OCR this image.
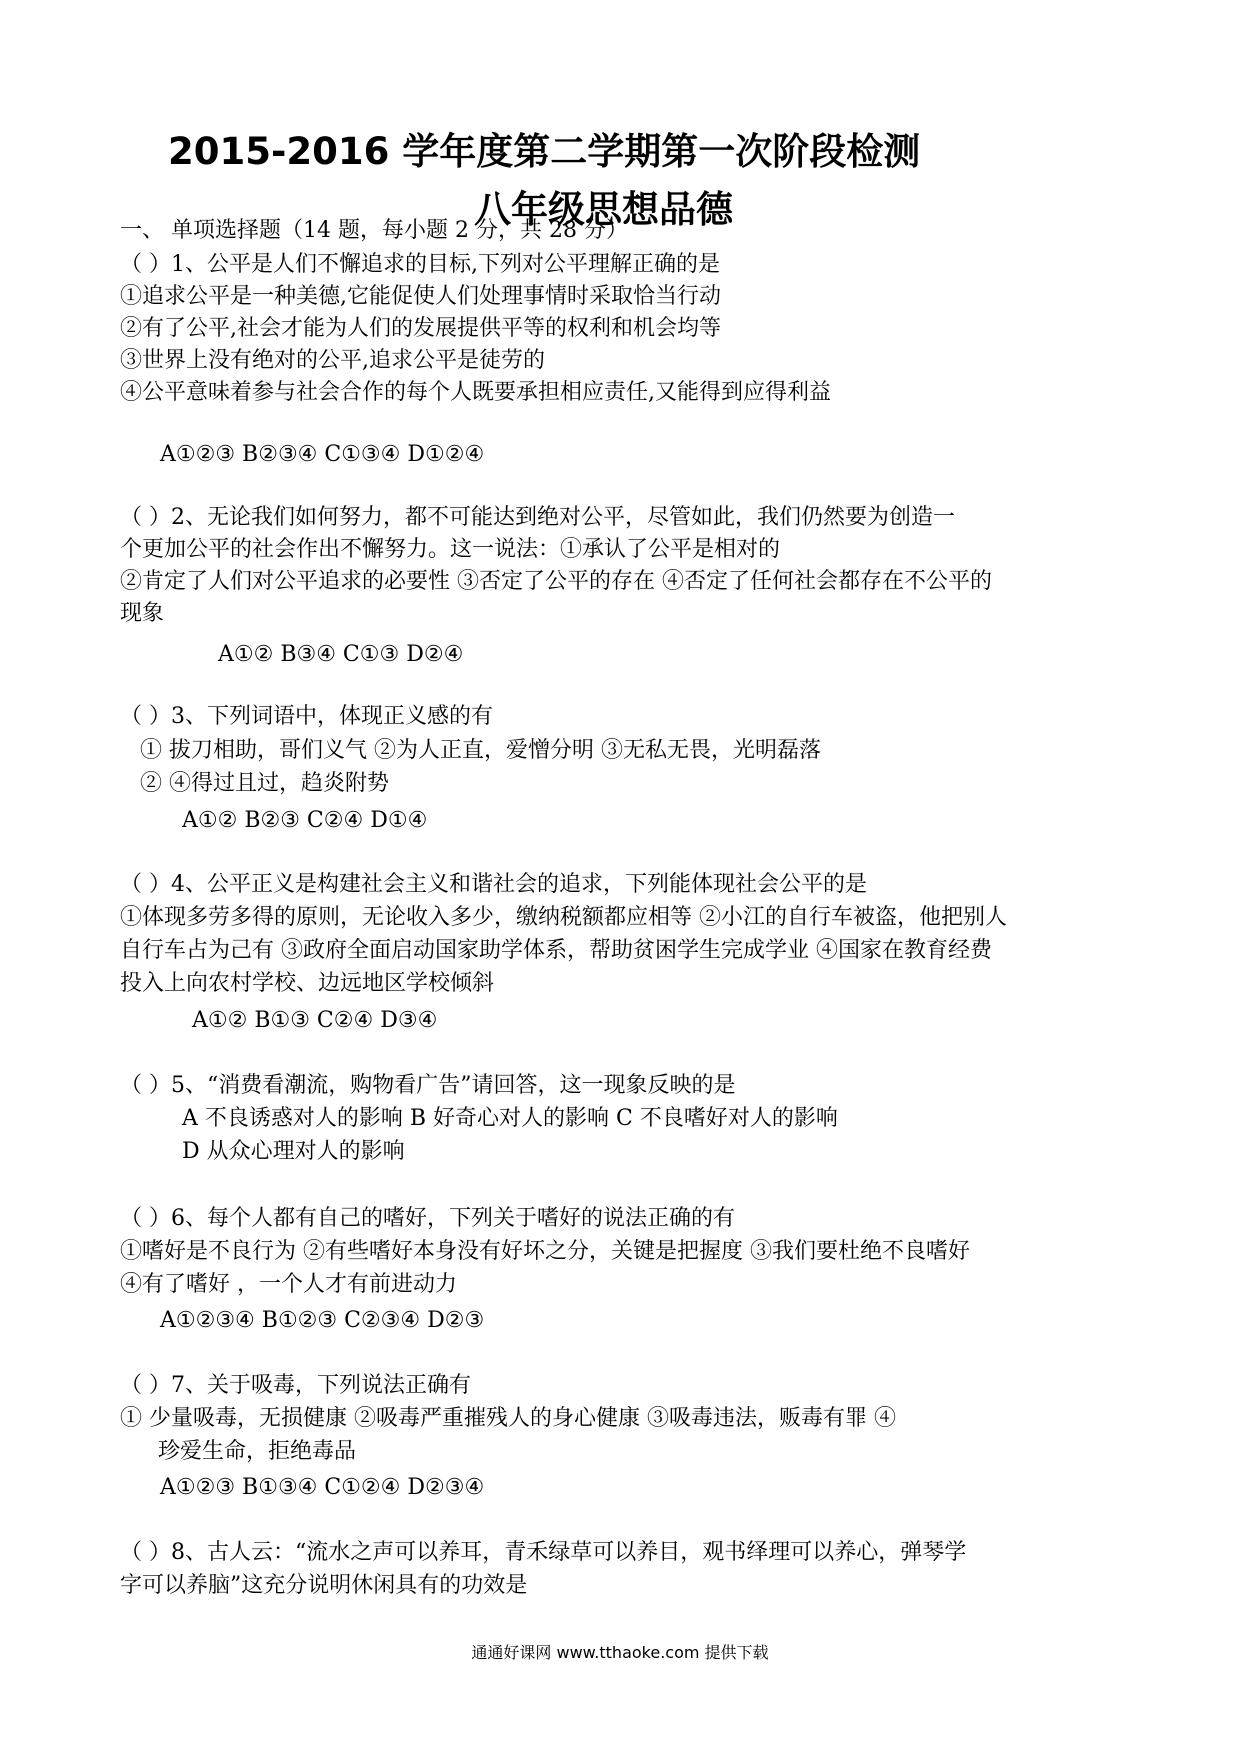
2015-2016 学年度第二学期第一次阶段检测
八年级思想品德
一、 单项选择题（14 题，每小题 2 分，共 28 分）
（ ）1、公平是人们不懈追求的目标,下列对公平理解正确的是
①追求公平是一种美德,它能促使人们处理事情时采取恰当行动
②有了公平,社会才能为人们的发展提供平等的权利和机会均等
③世界上没有绝对的公平,追求公平是徒劳的
④公平意味着参与社会合作的每个人既要承担相应责任,又能得到应得利益
A①②③ B②③④ C①③④ D①②④
（ ）2、无论我们如何努力，都不可能达到绝对公平，尽管如此，我们仍然要为创造一
个更加公平的社会作出不懈努力。这一说法：①承认了公平是相对的
②肯定了人们对公平追求的必要性 ③否定了公平的存在 ④否定了任何社会都存在不公平的
现象
A①② B③④ C①③ D②④
（ ）3、下列词语中，体现正义感的有
① 拔刀相助，哥们义气 ②为人正直，爱憎分明 ③无私无畏，光明磊落
② ④得过且过，趋炎附势
A①② B②③ C②④ D①④
（ ）4、公平正义是构建社会主义和谐社会的追求，下列能体现社会公平的是
①体现多劳多得的原则，无论收入多少，缴纳税额都应相等 ②小江的自行车被盗，他把别人
自行车占为己有 ③政府全面启动国家助学体系，帮助贫困学生完成学业 ④国家在教育经费
投入上向农村学校、边远地区学校倾斜
A①② B①③ C②④ D③④
（ ）5、“消费看潮流，购物看广告”请回答，这一现象反映的是
A 不良诱惑对人的影响 B 好奇心对人的影响 C 不良嗜好对人的影响
D 从众心理对人的影响
（ ）6、每个人都有自己的嗜好，下列关于嗜好的说法正确的有
①嗜好是不良行为 ②有些嗜好本身没有好坏之分，关键是把握度 ③我们要杜绝不良嗜好
④有了嗜好 ，一个人才有前进动力
A①②③④ B①②③ C②③④ D②③
（ ）7、关于吸毒，下列说法正确有
① 少量吸毒，无损健康 ②吸毒严重摧残人的身心健康 ③吸毒违法，贩毒有罪 ④
珍爱生命，拒绝毒品
A①②③ B①③④ C①②④ D②③④
（ ）8、古人云：“流水之声可以养耳，青禾绿草可以养目，观书绎理可以养心，弹琴学
字可以养脑”这充分说明休闲具有的功效是
通通好课网 www.tthaoke.com 提供下载
